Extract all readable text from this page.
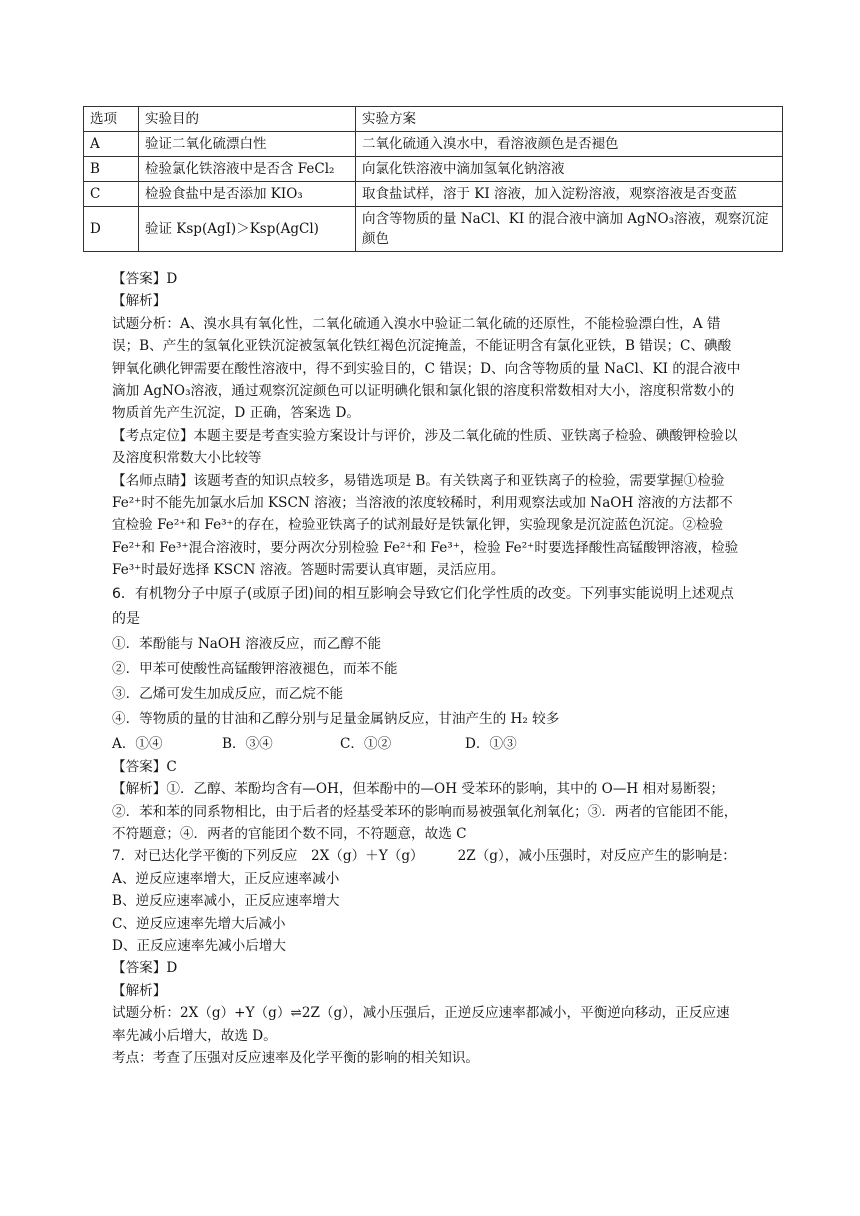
选项	实验目的	实验方案
A	验证二氧化硫漂白性	二氧化硫通入溴水中，看溶液颜色是否褪色
B	检验氯化铁溶液中是否含 FeCl₂	向氯化铁溶液中滴加氢氧化钠溶液
C	检验食盐中是否添加 KIO₃	取食盐试样，溶于 KI 溶液，加入淀粉溶液，观察溶液是否变蓝
D	验证 Ksp(AgI)＞Ksp(AgCl)	向含等物质的量 NaCl、KI 的混合液中滴加 AgNO₃溶液，观察沉淀颜色

【答案】D

【解析】

试题分析：A、溴水具有氧化性，二氧化硫通入溴水中验证二氧化硫的还原性，不能检验漂白性，A 错误；B、产生的氢氧化亚铁沉淀被氢氧化铁红褐色沉淀掩盖，不能证明含有氯化亚铁，B 错误；C、碘酸钾氧化碘化钾需要在酸性溶液中，得不到实验目的，C 错误；D、向含等物质的量 NaCl、KI 的混合液中滴加 AgNO₃溶液，通过观察沉淀颜色可以证明碘化银和氯化银的溶度积常数相对大小，溶度积常数小的物质首先产生沉淀，D 正确，答案选 D。

【考点定位】本题主要是考查实验方案设计与评价，涉及二氧化硫的性质、亚铁离子检验、碘酸钾检验以及溶度积常数大小比较等

【名师点睛】该题考查的知识点较多，易错选项是 B。有关铁离子和亚铁离子的检验，需要掌握①检验 Fe²⁺时不能先加氯水后加 KSCN 溶液；当溶液的浓度较稀时，利用观察法或加 NaOH 溶液的方法都不宜检验 Fe²⁺和 Fe³⁺的存在，检验亚铁离子的试剂最好是铁氰化钾，实验现象是沉淀蓝色沉淀。②检验 Fe²⁺和 Fe³⁺混合溶液时，要分两次分别检验 Fe²⁺和 Fe³⁺，检验 Fe²⁺时要选择酸性高锰酸钾溶液，检验 Fe³⁺时最好选择 KSCN 溶液。答题时需要认真审题，灵活应用。

6．有机物分子中原子(或原子团)间的相互影响会导致它们化学性质的改变。下列事实能说明上述观点的是

①．苯酚能与 NaOH 溶液反应，而乙醇不能

②．甲苯可使酸性高锰酸钾溶液褪色，而苯不能

③．乙烯可发生加成反应，而乙烷不能

④．等物质的量的甘油和乙醇分别与足量金属钠反应，甘油产生的 H₂ 较多

A．①④	B．③④	C．①②	D．①③

【答案】C

【解析】①．乙醇、苯酚均含有—OH，但苯酚中的—OH 受苯环的影响，其中的 O—H 相对易断裂；②．苯和苯的同系物相比，由于后者的烃基受苯环的影响而易被强氧化剂氧化；③．两者的官能团不能，不符题意；④．两者的官能团个数不同，不符题意，故选 C

7．对已达化学平衡的下列反应　2X（g）＋Y（g）　　　2Z（g），减小压强时，对反应产生的影响是：

A、逆反应速率增大，正反应速率减小

B、逆反应速率减小，正反应速率增大

C、逆反应速率先增大后减小

D、正反应速率先减小后增大

【答案】D

【解析】

试题分析：2X（g）+Y（g）⇌2Z（g），减小压强后，正逆反应速率都减小，平衡逆向移动，正反应速率先减小后增大，故选 D。

考点：考查了压强对反应速率及化学平衡的影响的相关知识。
